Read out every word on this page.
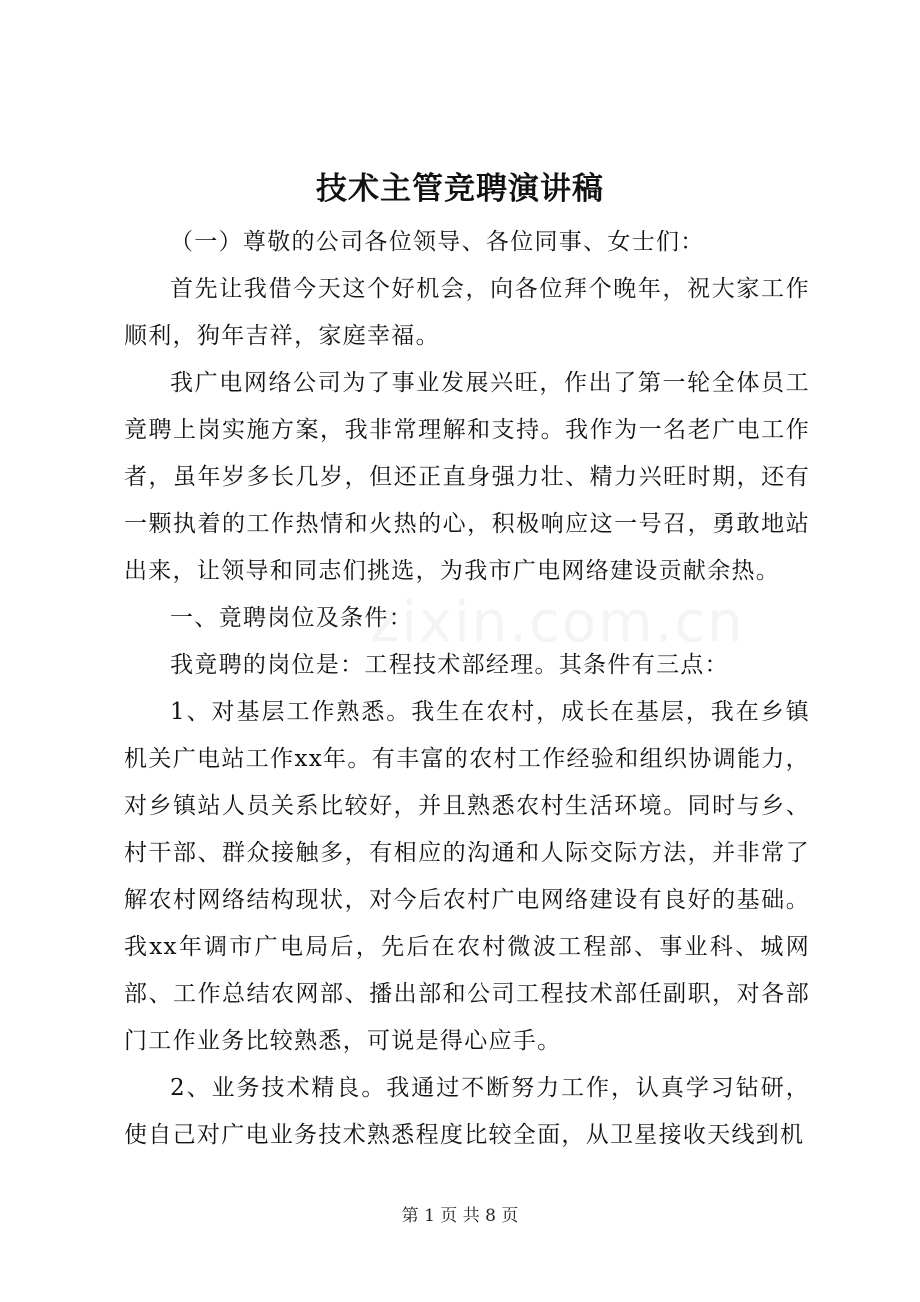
技术主管竞聘演讲稿

（一）尊敬的公司各位领导、各位同事、女士们：

首先让我借今天这个好机会，向各位拜个晚年，祝大家工作顺利，狗年吉祥，家庭幸福。

我广电网络公司为了事业发展兴旺，作出了第一轮全体员工竟聘上岗实施方案，我非常理解和支持。我作为一名老广电工作者，虽年岁多长几岁，但还正直身强力壮、精力兴旺时期，还有一颗执着的工作热情和火热的心，积极响应这一号召，勇敢地站出来，让领导和同志们挑选，为我市广电网络建设贡献余热。

一、竟聘岗位及条件：

我竟聘的岗位是：工程技术部经理。其条件有三点：

1、对基层工作熟悉。我生在农村，成长在基层，我在乡镇机关广电站工作xx年。有丰富的农村工作经验和组织协调能力，对乡镇站人员关系比较好，并且熟悉农村生活环境。同时与乡、村干部、群众接触多，有相应的沟通和人际交际方法，并非常了解农村网络结构现状，对今后农村广电网络建设有良好的基础。我xx年调市广电局后，先后在农村微波工程部、事业科、城网部、工作总结农网部、播出部和公司工程技术部任副职，对各部门工作业务比较熟悉，可说是得心应手。

2、业务技术精良。我通过不断努力工作，认真学习钻研，使自己对广电业务技术熟悉程度比较全面，从卫星接收天线到机

zixin.com.cn
第 1 页 共 8 页
